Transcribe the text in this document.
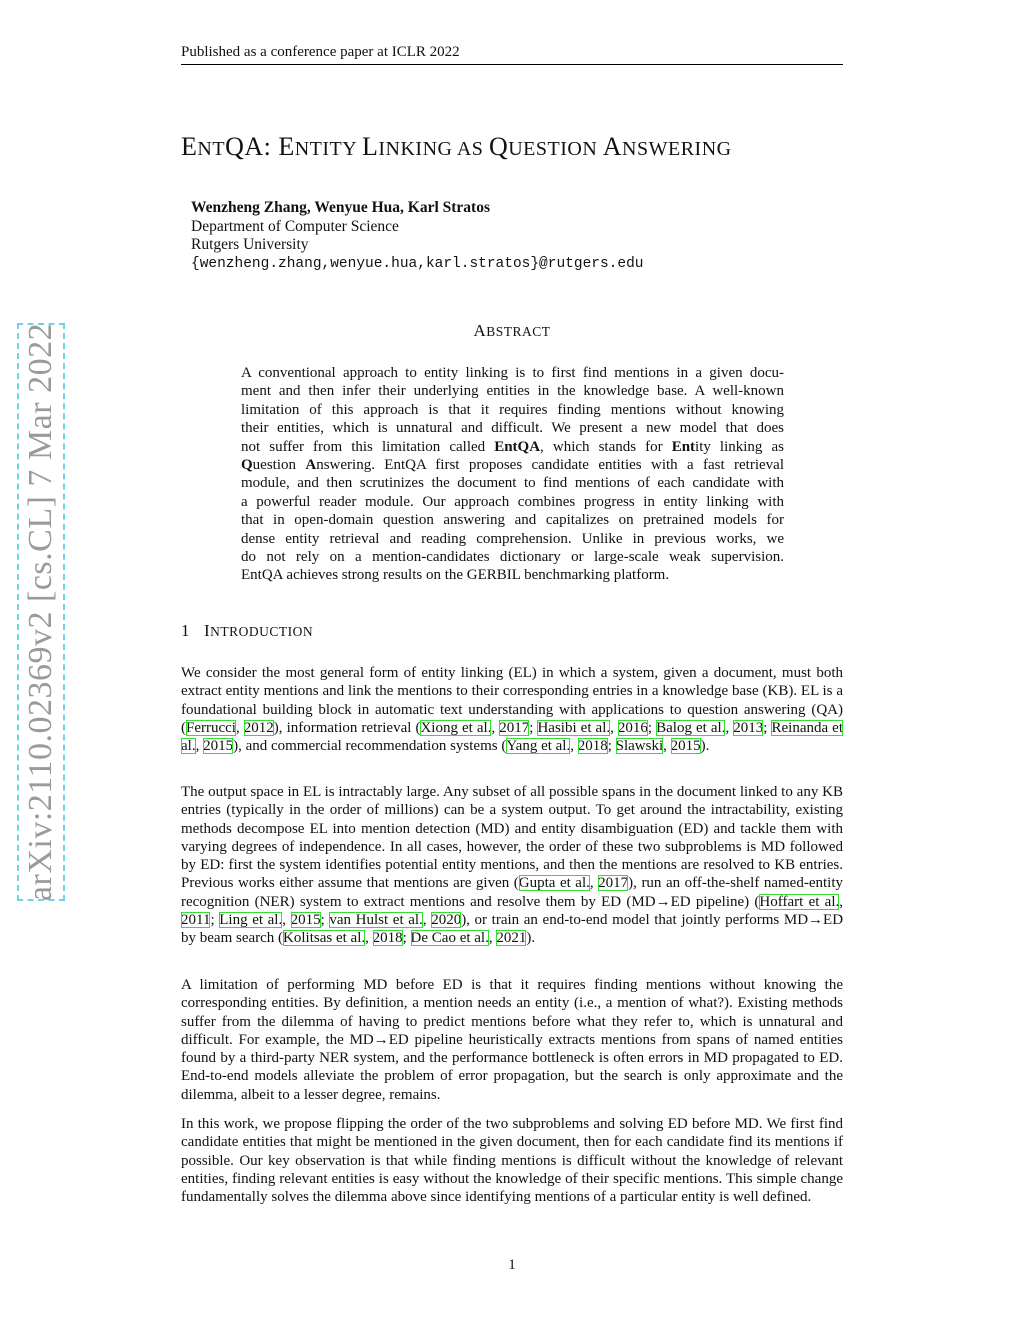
Published as a conference paper at ICLR 2022
ENTQA: ENTITY LINKING AS QUESTION ANSWERING
Wenzheng Zhang, Wenyue Hua, Karl Stratos
Department of Computer Science
Rutgers University
{wenzheng.zhang,wenyue.hua,karl.stratos}@rutgers.edu
ABSTRACT
A conventional approach to entity linking is to first find mentions in a given docu-
ment and then infer their underlying entities in the knowledge base. A well-known
limitation of this approach is that it requires finding mentions without knowing
their entities, which is unnatural and difficult. We present a new model that does
not suffer from this limitation called EntQA, which stands for Entity linking as
Question Answering. EntQA first proposes candidate entities with a fast retrieval
module, and then scrutinizes the document to find mentions of each candidate with
a powerful reader module. Our approach combines progress in entity linking with
that in open-domain question answering and capitalizes on pretrained models for
dense entity retrieval and reading comprehension. Unlike in previous works, we
do not rely on a mention-candidates dictionary or large-scale weak supervision.
EntQA achieves strong results on the GERBIL benchmarking platform.
1 INTRODUCTION
We consider the most general form of entity linking (EL) in which a system, given a document, must both extract entity mentions and link the mentions to their corresponding entries in a knowledge base (KB). EL is a foundational building block in automatic text understanding with applications to question answering (QA) (Ferrucci, 2012), information retrieval (Xiong et al., 2017; Hasibi et al., 2016; Balog et al., 2013; Reinanda et al., 2015), and commercial recommendation systems (Yang et al., 2018; Slawski, 2015).
The output space in EL is intractably large. Any subset of all possible spans in the document linked to any KB entries (typically in the order of millions) can be a system output. To get around the intractability, existing methods decompose EL into mention detection (MD) and entity disambiguation (ED) and tackle them with varying degrees of independence. In all cases, however, the order of these two subproblems is MD followed by ED: first the system identifies potential entity mentions, and then the mentions are resolved to KB entries. Previous works either assume that mentions are given (Gupta et al., 2017), run an off-the-shelf named-entity recognition (NER) system to extract mentions and resolve them by ED (MD→ED pipeline) (Hoffart et al., 2011; Ling et al., 2015; van Hulst et al., 2020), or train an end-to-end model that jointly performs MD→ED by beam search (Kolitsas et al., 2018; De Cao et al., 2021).
A limitation of performing MD before ED is that it requires finding mentions without knowing the corresponding entities. By definition, a mention needs an entity (i.e., a mention of what?). Existing methods suffer from the dilemma of having to predict mentions before what they refer to, which is unnatural and difficult. For example, the MD→ED pipeline heuristically extracts mentions from spans of named entities found by a third-party NER system, and the performance bottleneck is often errors in MD propagated to ED. End-to-end models alleviate the problem of error propagation, but the search is only approximate and the dilemma, albeit to a lesser degree, remains.
In this work, we propose flipping the order of the two subproblems and solving ED before MD. We first find candidate entities that might be mentioned in the given document, then for each candidate find its mentions if possible. Our key observation is that while finding mentions is difficult without the knowledge of relevant entities, finding relevant entities is easy without the knowledge of their specific mentions. This simple change fundamentally solves the dilemma above since identifying mentions of a particular entity is well defined.
1
arXiv:2110.02369v2 [cs.CL] 7 Mar 2022
